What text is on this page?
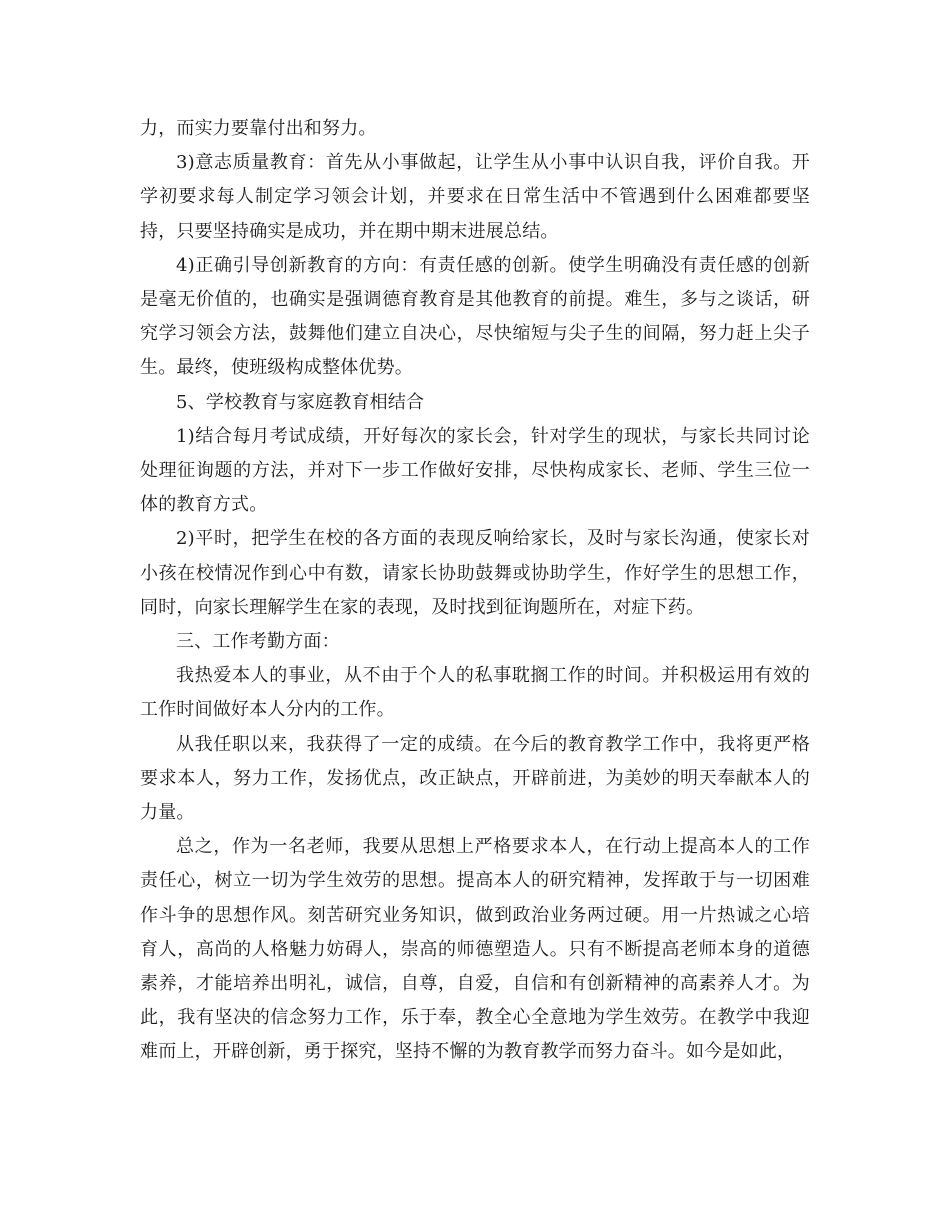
力，而实力要靠付出和努力。

3)意志质量教育：首先从小事做起，让学生从小事中认识自我，评价自我。开学初要求每人制定学习领会计划，并要求在日常生活中不管遇到什么困难都要坚持，只要坚持确实是成功，并在期中期末进展总结。

4)正确引导创新教育的方向：有责任感的创新。使学生明确没有责任感的创新是毫无价值的，也确实是强调德育教育是其他教育的前提。难生，多与之谈话，研究学习领会方法，鼓舞他们建立自决心，尽快缩短与尖子生的间隔，努力赶上尖子生。最终，使班级构成整体优势。

5、学校教育与家庭教育相结合

1)结合每月考试成绩，开好每次的家长会，针对学生的现状，与家长共同讨论处理征询题的方法，并对下一步工作做好安排，尽快构成家长、老师、学生三位一体的教育方式。

2)平时，把学生在校的各方面的表现反响给家长，及时与家长沟通，使家长对小孩在校情况作到心中有数，请家长协助鼓舞或协助学生，作好学生的思想工作，同时，向家长理解学生在家的表现，及时找到征询题所在，对症下药。

三、工作考勤方面：

我热爱本人的事业，从不由于个人的私事耽搁工作的时间。并积极运用有效的工作时间做好本人分内的工作。

从我任职以来，我获得了一定的成绩。在今后的教育教学工作中，我将更严格要求本人，努力工作，发扬优点，改正缺点，开辟前进，为美妙的明天奉献本人的力量。

总之，作为一名老师，我要从思想上严格要求本人，在行动上提高本人的工作责任心，树立一切为学生效劳的思想。提高本人的研究精神，发挥敢于与一切困难作斗争的思想作风。刻苦研究业务知识，做到政治业务两过硬。用一片热诚之心培育人，高尚的人格魅力妨碍人，崇高的师德塑造人。只有不断提高老师本身的道德素养，才能培养出明礼，诚信，自尊，自爱，自信和有创新精神的高素养人才。为此，我有坚决的信念努力工作，乐于奉，教全心全意地为学生效劳。在教学中我迎难而上，开辟创新，勇于探究，坚持不懈的为教育教学而努力奋斗。如今是如此，
